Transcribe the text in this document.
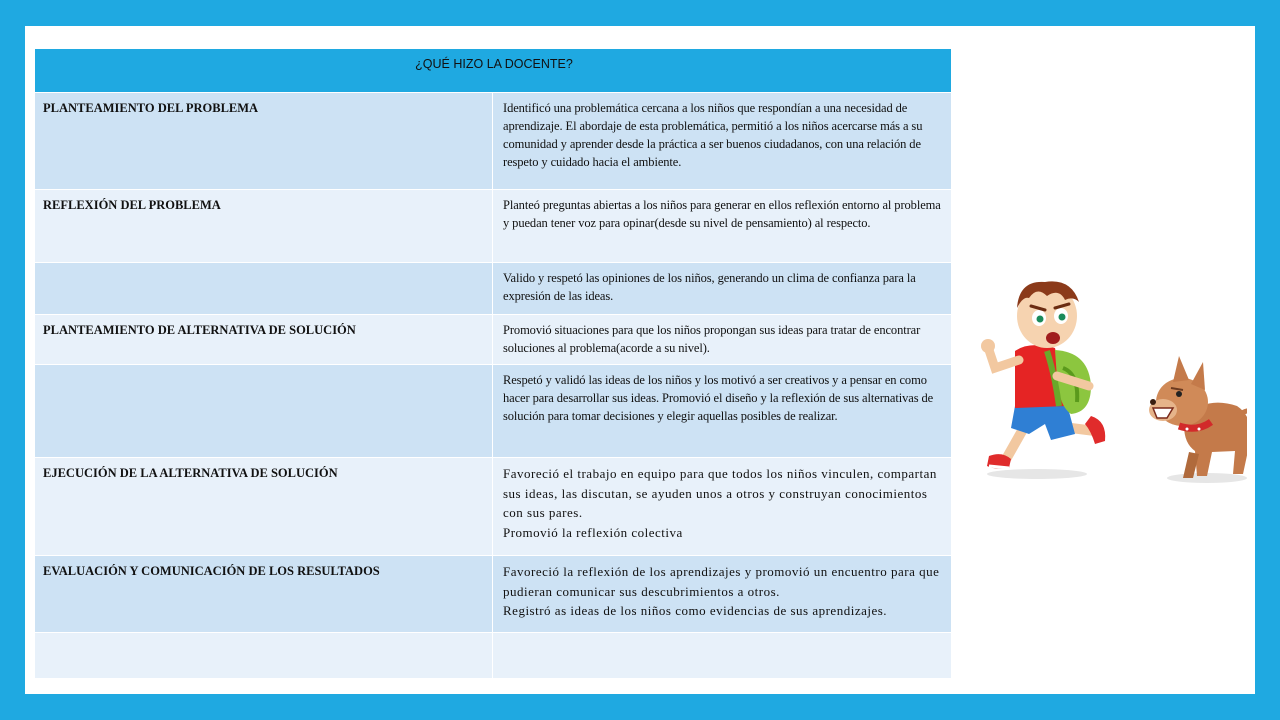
¿QUÉ HIZO LA DOCENTE?	
PLANTEAMIENTO DEL PROBLEMA	Identificó una problemática cercana a los niños que respondían a una necesidad de aprendizaje. El abordaje de esta problemática, permitió a los niños acercarse más a su comunidad y aprender desde la práctica a ser buenos ciudadanos, con una relación de respeto y cuidado hacia el ambiente.
REFLEXIÓN DEL PROBLEMA	Planteó preguntas abiertas a los niños para generar en ellos reflexión entorno al problema y puedan tener voz para opinar(desde su nivel de pensamiento) al respecto.
	Valido y respetó las opiniones de los niños, generando un clima de confianza para la expresión de las ideas.
PLANTEAMIENTO DE ALTERNATIVA DE SOLUCIÓN	Promovió situaciones para que los niños propongan sus ideas para tratar de encontrar soluciones al problema(acorde a su nivel).
	Respetó y validó las ideas de los niños y los motivó a ser creativos y a pensar en como hacer para desarrollar sus ideas. Promovió el diseño y la reflexión de sus alternativas de solución para tomar decisiones y elegir aquellas posibles de realizar.
EJECUCIÓN DE LA ALTERNATIVA DE SOLUCIÓN	Favoreció el trabajo en equipo para que todos los niños vinculen, compartan sus ideas, las discutan, se ayuden unos a otros y construyan conocimientos con sus pares.
Promovió la reflexión colectiva
EVALUACIÓN Y COMUNICACIÓN DE LOS RESULTADOS	Favoreció la reflexión de los aprendizajes y promovió un encuentro para que pudieran comunicar sus descubrimientos a otros.
Registró as ideas de los niños como evidencias de sus aprendizajes.
